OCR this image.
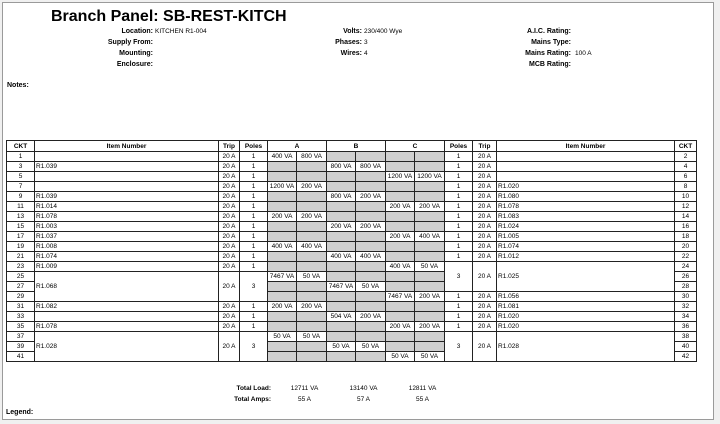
Branch Panel: SB-REST-KITCH
Location: KITCHEN R1-004
Supply From:
Mounting:
Enclosure:
Volts: 230/400 Wye
Phases: 3
Wires: 4
A.I.C. Rating:
Mains Type:
Mains Rating: 100 A
MCB Rating:
Notes:
CKT	Item Number	Trip	Poles	A		B		C		Poles	Trip	Item Number	CKT
1		20 A	1	400 VA	800 VA					1	20 A		2
3	R1.039	20 A	1			800 VA	800 VA			1	20 A		4
5		20 A	1					1200 VA	1200 VA	1	20 A		6
7		20 A	1	1200 VA	200 VA					1	20 A	R1.020	8
9	R1.039	20 A	1			800 VA	200 VA			1	20 A	R1.080	10
11	R1.014	20 A	1					200 VA	200 VA	1	20 A	R1.078	12
13	R1.078	20 A	1	200 VA	200 VA					1	20 A	R1.083	14
15	R1.003	20 A	1			200 VA	200 VA			1	20 A	R1.024	16
17	R1.037	20 A	1					200 VA	400 VA	1	20 A	R1.005	18
19	R1.008	20 A	1	400 VA	400 VA					1	20 A	R1.074	20
21	R1.074	20 A	1			400 VA	400 VA			1	20 A	R1.012	22
23	R1.009	20 A	1					400 VA	50 VA	3	20 A	R1.025	24
25	R1.068	20 A	3	7467 VA	50 VA								26
27						7467 VA	50 VA						28
29								7467 VA	200 VA	1	20 A	R1.056	30
31	R1.082	20 A	1	200 VA	200 VA					1	20 A	R1.081	32
33		20 A	1			504 VA	200 VA			1	20 A	R1.020	34
35	R1.078	20 A	1					200 VA	200 VA	1	20 A	R1.020	36
37	R1.028	20 A	3	50 VA	50 VA					3	20 A	R1.028	38
39						50 VA	50 VA						40
41								50 VA	50 VA				42
Total Load:
Total Amps:
12711 VA	13140 VA	12811 VA
55 A	57 A	55 A
Legend:
